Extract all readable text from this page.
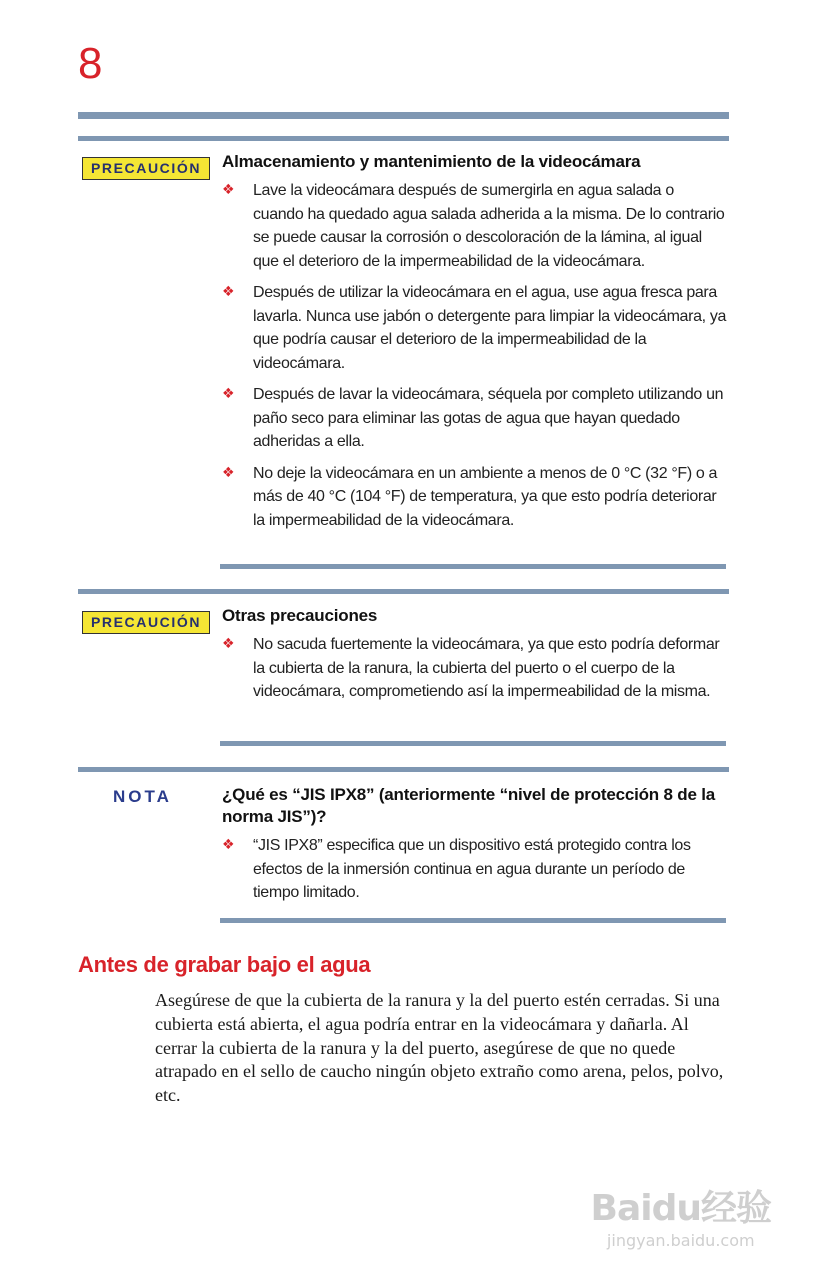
8
PRECAUCIÓN	Almacenamiento y mantenimiento de la videocámara
❖ Lave la videocámara después de sumergirla en agua salada o cuando ha quedado agua salada adherida a la misma. De lo contrario se puede causar la corrosión o descoloración de la lámina, al igual que el deterioro de la impermeabilidad de la videocámara.
❖ Después de utilizar la videocámara en el agua, use agua fresca para lavarla. Nunca use jabón o detergente para limpiar la videocámara, ya que podría causar el deterioro de la impermeabilidad de la videocámara.
❖ Después de lavar la videocámara, séquela por completo utilizando un paño seco para eliminar las gotas de agua que hayan quedado adheridas a ella.
❖ No deje la videocámara en un ambiente a menos de 0 °C (32 °F) o a más de 40 °C (104 °F) de temperatura, ya que esto podría deteriorar la impermeabilidad de la videocámara.
PRECAUCIÓN	Otras precauciones
❖ No sacuda fuertemente la videocámara, ya que esto podría deformar la cubierta de la ranura, la cubierta del puerto o el cuerpo de la videocámara, comprometiendo así la impermeabilidad de la misma.
NOTA	¿Qué es “JIS IPX8” (anteriormente “nivel de protección 8 de la norma JIS”)?
❖ “JIS IPX8” especifica que un dispositivo está protegido contra los efectos de la inmersión continua en agua durante un período de tiempo limitado.
Antes de grabar bajo el agua

Asegúrese de que la cubierta de la ranura y la del puerto estén cerradas. Si una cubierta está abierta, el agua podría entrar en la videocámara y dañarla. Al cerrar la cubierta de la ranura y la del puerto, asegúrese de que no quede atrapado en el sello de caucho ningún objeto extraño como arena, pelos, polvo, etc.

Baidu经验
jingyan.baidu.com
